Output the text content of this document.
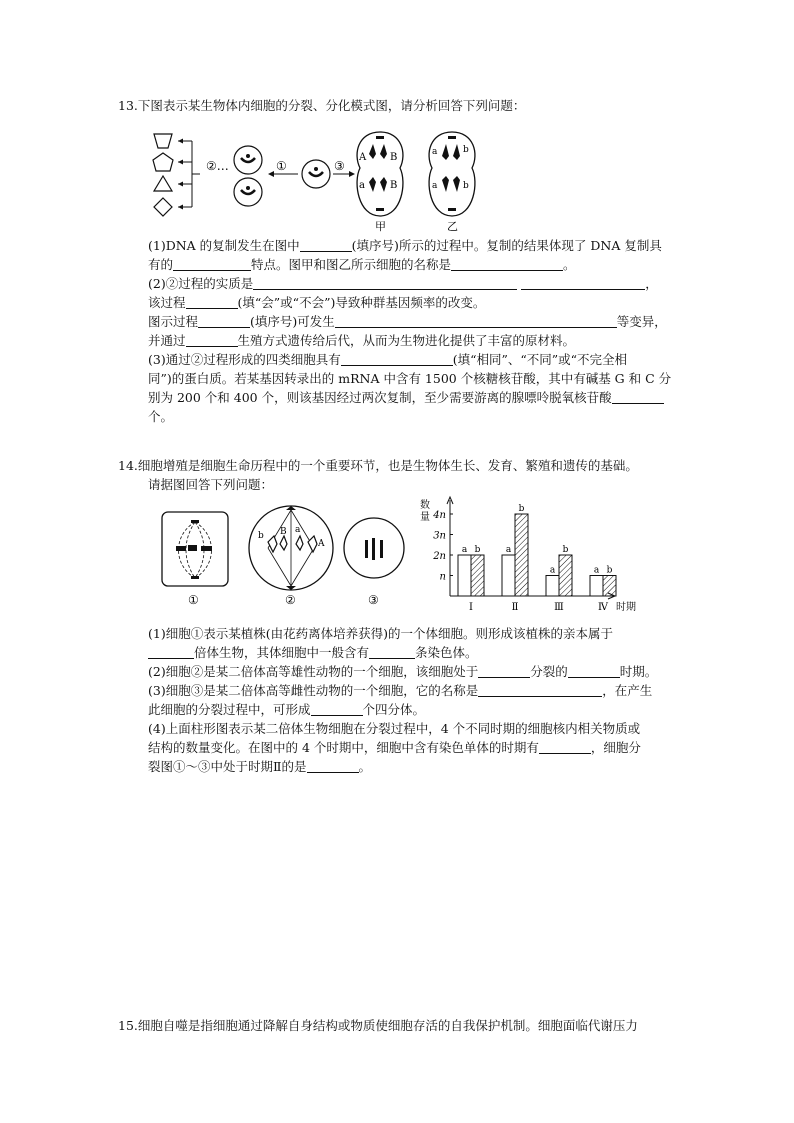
13.下图表示某生物体内细胞的分裂、分化模式图，请分析回答下列问题：

②…	①	③
A B
a	B
甲
a	b
a	b
乙

(1)DNA 的复制发生在图中	(填序号)所示的过程中。复制的结果体现了 DNA 复制具

有的	特点。图甲和图乙所示细胞的名称是	。

(2)②过程的实质是	，

该过程	(填“会”或“不会”)导致种群基因频率的改变。

图示过程	(填序号)可发生	等变异，

并通过	生殖方式遗传给后代，从而为生物进化提供了丰富的原材料。

(3)通过②过程形成的四类细胞具有	(填“相同”、“不同”或“不完全相

同”)的蛋白质。若某基因转录出的 mRNA 中含有 1500 个核糖核苷酸，其中有碱基 G 和 C 分

别为 200 个和 400 个，则该基因经过两次复制，至少需要游离的腺嘌呤脱氧核苷酸

个。

14.细胞增殖是细胞生命历程中的一个重要环节，也是生物体生长、发育、繁殖和遗传的基础。

请据图回答下列问题：

①
b B a
A
②	③
数
量
时期
n
2n
3n
4n
a b	a
b
a
b
a b
Ⅰ	Ⅱ	Ⅲ	Ⅳ

(1)细胞①表示某植株(由花药离体培养获得)的一个体细胞。则形成该植株的亲本属于

倍体生物，其体细胞中一般含有	条染色体。

(2)细胞②是某二倍体高等雄性动物的一个细胞，该细胞处于	分裂的	时期。

(3)细胞③是某二倍体高等雌性动物的一个细胞，它的名称是	，在产生

此细胞的分裂过程中，可形成	个四分体。

(4)上面柱形图表示某二倍体生物细胞在分裂过程中，4 个不同时期的细胞核内相关物质或

结构的数量变化。在图中的 4 个时期中，细胞中含有染色单体的时期有	，细胞分

裂图①～③中处于时期Ⅱ的是	。

15.细胞自噬是指细胞通过降解自身结构或物质使细胞存活的自我保护机制。细胞面临代谢压力
